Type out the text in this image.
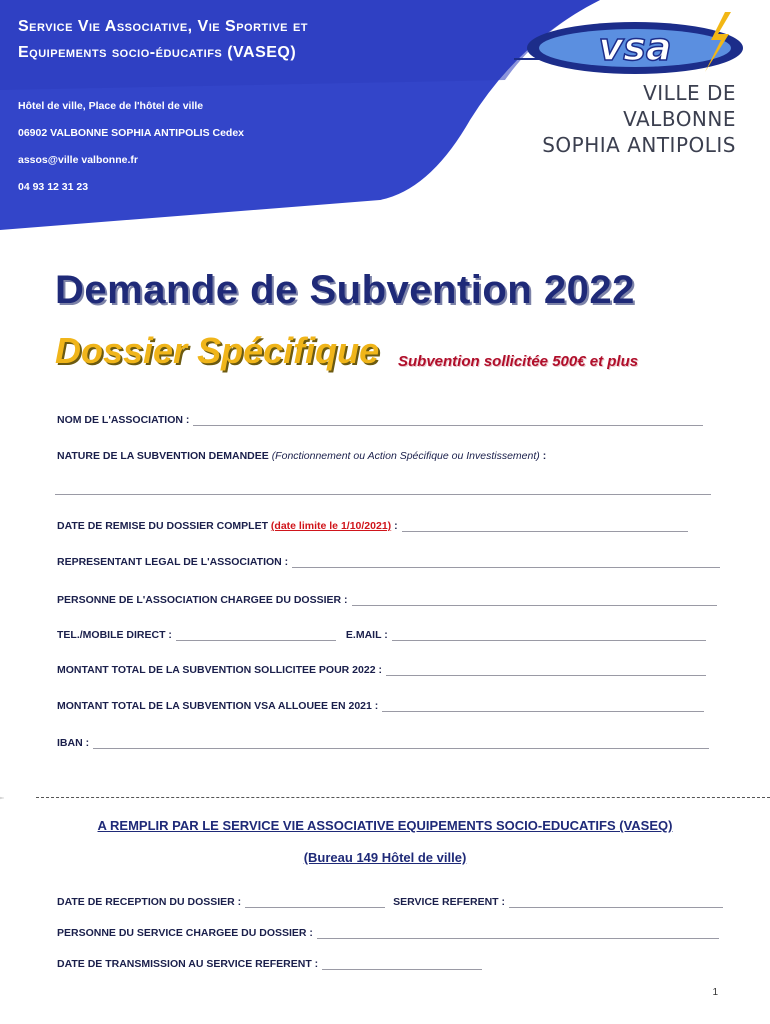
Service Vie Associative, Vie Sportive et
Equipements socio-éducatifs (VASEQ)
Hôtel de ville, Place de l'hôtel de ville
06902 VALBONNE SOPHIA ANTIPOLIS Cedex
assos@ville valbonne.fr
04 93 12 31 23
vsa
VILLE DE
VALBONNE
SOPHIA ANTIPOLIS
Demande de Subvention 2022
Dossier Spécifique Subvention sollicitée 500€ et plus
NOM DE L'ASSOCIATION :
NATURE DE LA SUBVENTION DEMANDEE
(Fonctionnement ou Action Spécifique ou Investissement)
:
DATE DE REMISE DU DOSSIER COMPLET
(date limite le 1/10/2021)
:
REPRESENTANT LEGAL DE L'ASSOCIATION :
PERSONNE DE L'ASSOCIATION CHARGEE DU DOSSIER :
TEL./MOBILE DIRECT :	E.MAIL :
MONTANT TOTAL DE LA SUBVENTION SOLLICITEE POUR 2022 :
MONTANT TOTAL DE LA SUBVENTION VSA ALLOUEE EN 2021 :
IBAN :
A REMPLIR PAR LE SERVICE VIE ASSOCIATIVE EQUIPEMENTS SOCIO-EDUCATIFS (VASEQ)
(Bureau 149 Hôtel de ville)
DATE DE RECEPTION DU DOSSIER :	SERVICE REFERENT :
PERSONNE DU SERVICE CHARGEE DU DOSSIER :
DATE DE TRANSMISSION AU SERVICE REFERENT :
1
